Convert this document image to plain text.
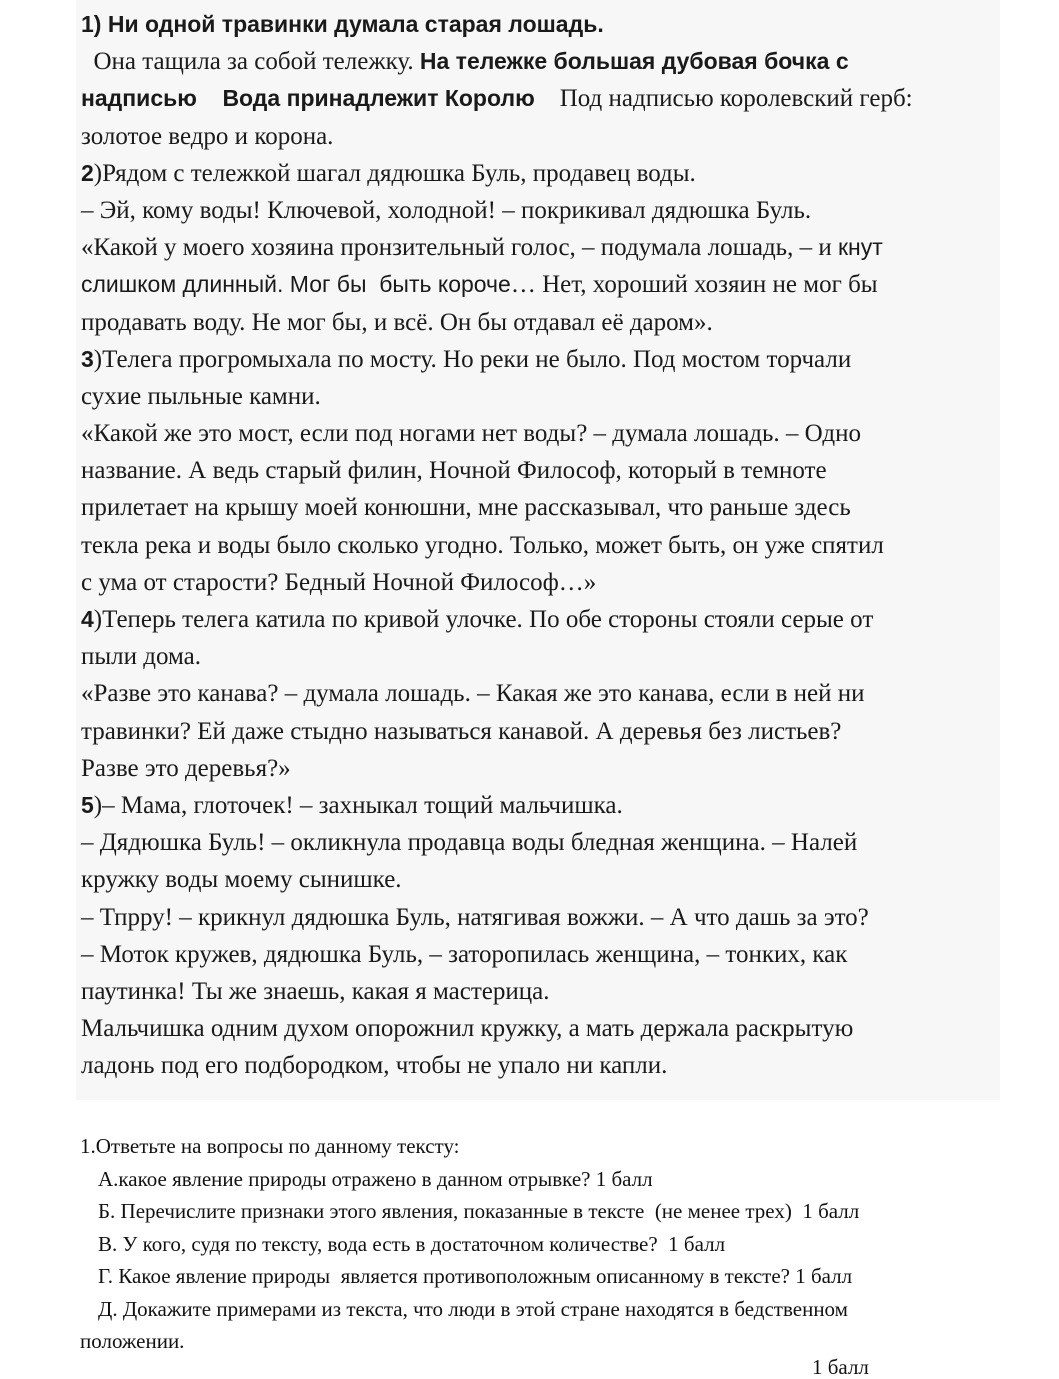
1) Ни одной травинки думала старая лошадь.
Она тащила за собой тележку. На тележке большая дубовая бочка с
надписью    Вода принадлежит Королю    Под надписью королевский герб:
золотое ведро и корона.
2)Рядом с тележкой шагал дядюшка Буль, продавец воды.
– Эй, кому воды! Ключевой, холодной! – покрикивал дядюшка Буль.
«Какой у моего хозяина пронзительный голос, – подумала лошадь, – и кнут
слишком длинный. Мог бы  быть короче… Нет, хороший хозяин не мог бы
продавать воду. Не мог бы, и всё. Он бы отдавал её даром».
3)Телега прогромыхала по мосту. Но реки не было. Под мостом торчали
сухие пыльные камни.
«Какой же это мост, если под ногами нет воды? – думала лошадь. – Одно
название. А ведь старый филин, Ночной Философ, который в темноте
прилетает на крышу моей конюшни, мне рассказывал, что раньше здесь
текла река и воды было сколько угодно. Только, может быть, он уже спятил
с ума от старости? Бедный Ночной Философ…»
4)Теперь телега катила по кривой улочке. По обе стороны стояли серые от
пыли дома.
«Разве это канава? – думала лошадь. – Какая же это канава, если в ней ни
травинки? Ей даже стыдно называться канавой. А деревья без листьев?
Разве это деревья?»
5)– Мама, глоточек! – захныкал тощий мальчишка.
– Дядюшка Буль! – окликнула продавца воды бледная женщина. – Налей
кружку воды моему сынишке.
– Тпрру! – крикнул дядюшка Буль, натягивая вожжи. – А что дашь за это?
– Моток кружев, дядюшка Буль, – заторопилась женщина, – тонких, как
паутинка! Ты же знаешь, какая я мастерица.
Мальчишка одним духом опорожнил кружку, а мать держала раскрытую
ладонь под его подбородком, чтобы не упало ни капли.
1.Ответьте на вопросы по данному тексту:
А.какое явление природы отражено в данном отрывке? 1 балл
Б. Перечислите признаки этого явления, показанные в тексте  (не менее трех)  1 балл
В. У кого, судя по тексту, вода есть в достаточном количестве?  1 балл
Г. Какое явление природы  является противоположным описанному в тексте? 1 балл
Д. Докажите примерами из текста, что люди в этой стране находятся в бедственном
положении.
1 балл
